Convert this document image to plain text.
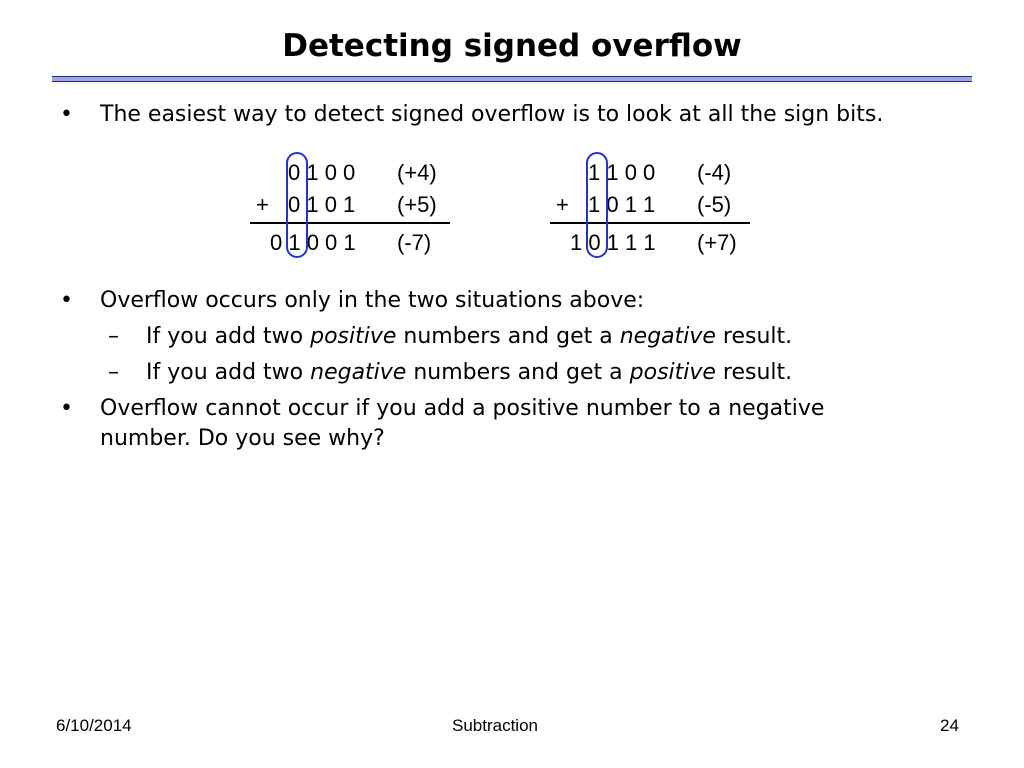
Detecting signed overflow
• The easiest way to detect signed overflow is to look at all the sign bits.
0 1 0 0 (+4)
+ 0 1 0 1 (+5)
0 1 0 0 1 (-7)
1 1 0 0 (-4)
+ 1 0 1 1 (-5)
1 0 1 1 1 (+7)
• Overflow occurs only in the two situations above:
– If you add two positive numbers and get a negative result.
– If you add two negative numbers and get a positive result.
• Overflow cannot occur if you add a positive number to a negative number. Do you see why?
6/10/2014	Subtraction	24
